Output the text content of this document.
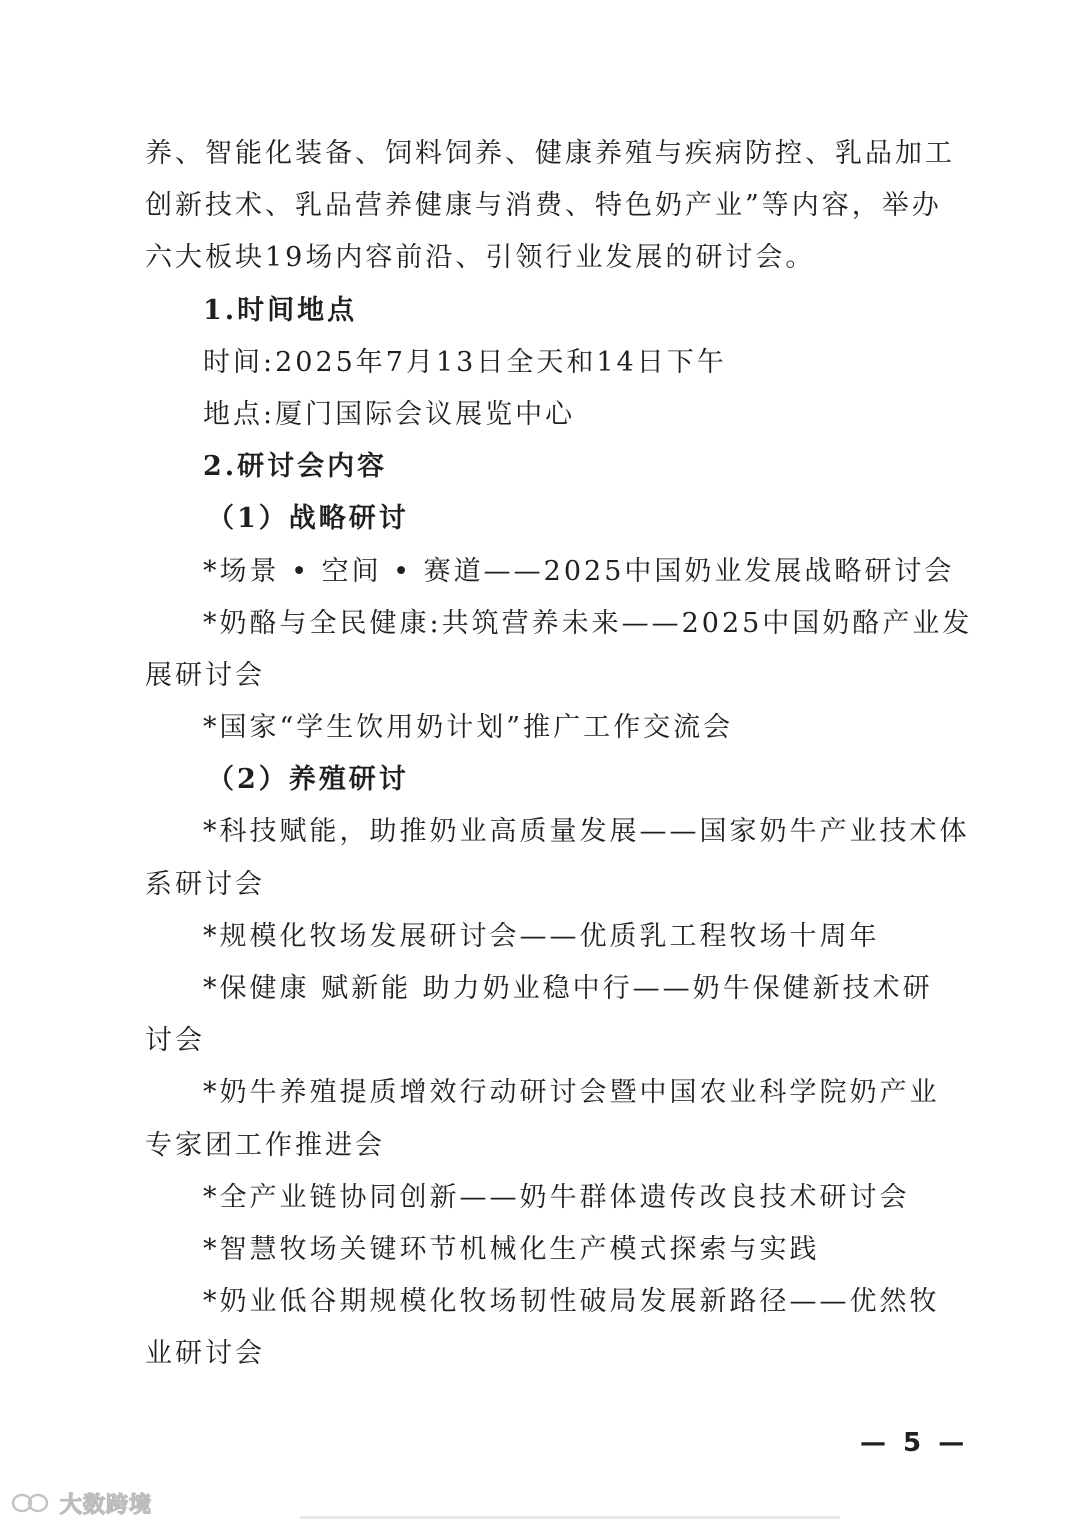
养、智能化装备、饲料饲养、健康养殖与疾病防控、乳品加工
创新技术、乳品营养健康与消费、特色奶产业”等内容，举办
六大板块19场内容前沿、引领行业发展的研讨会。
1.时间地点
时间:2025年7月13日全天和14日下午
地点:厦门国际会议展览中心
2.研讨会内容
（1）战略研讨
*场景 • 空间 • 赛道——2025中国奶业发展战略研讨会
*奶酪与全民健康:共筑营养未来——2025中国奶酪产业发
展研讨会
*国家“学生饮用奶计划”推广工作交流会
（2）养殖研讨
*科技赋能，助推奶业高质量发展——国家奶牛产业技术体
系研讨会
*规模化牧场发展研讨会——优质乳工程牧场十周年
*保健康 赋新能 助力奶业稳中行——奶牛保健新技术研
讨会
*奶牛养殖提质增效行动研讨会暨中国农业科学院奶产业
专家团工作推进会
*全产业链协同创新——奶牛群体遗传改良技术研讨会
*智慧牧场关键环节机械化生产模式探索与实践
*奶业低谷期规模化牧场韧性破局发展新路径——优然牧
业研讨会
— 5 —
大数跨境
